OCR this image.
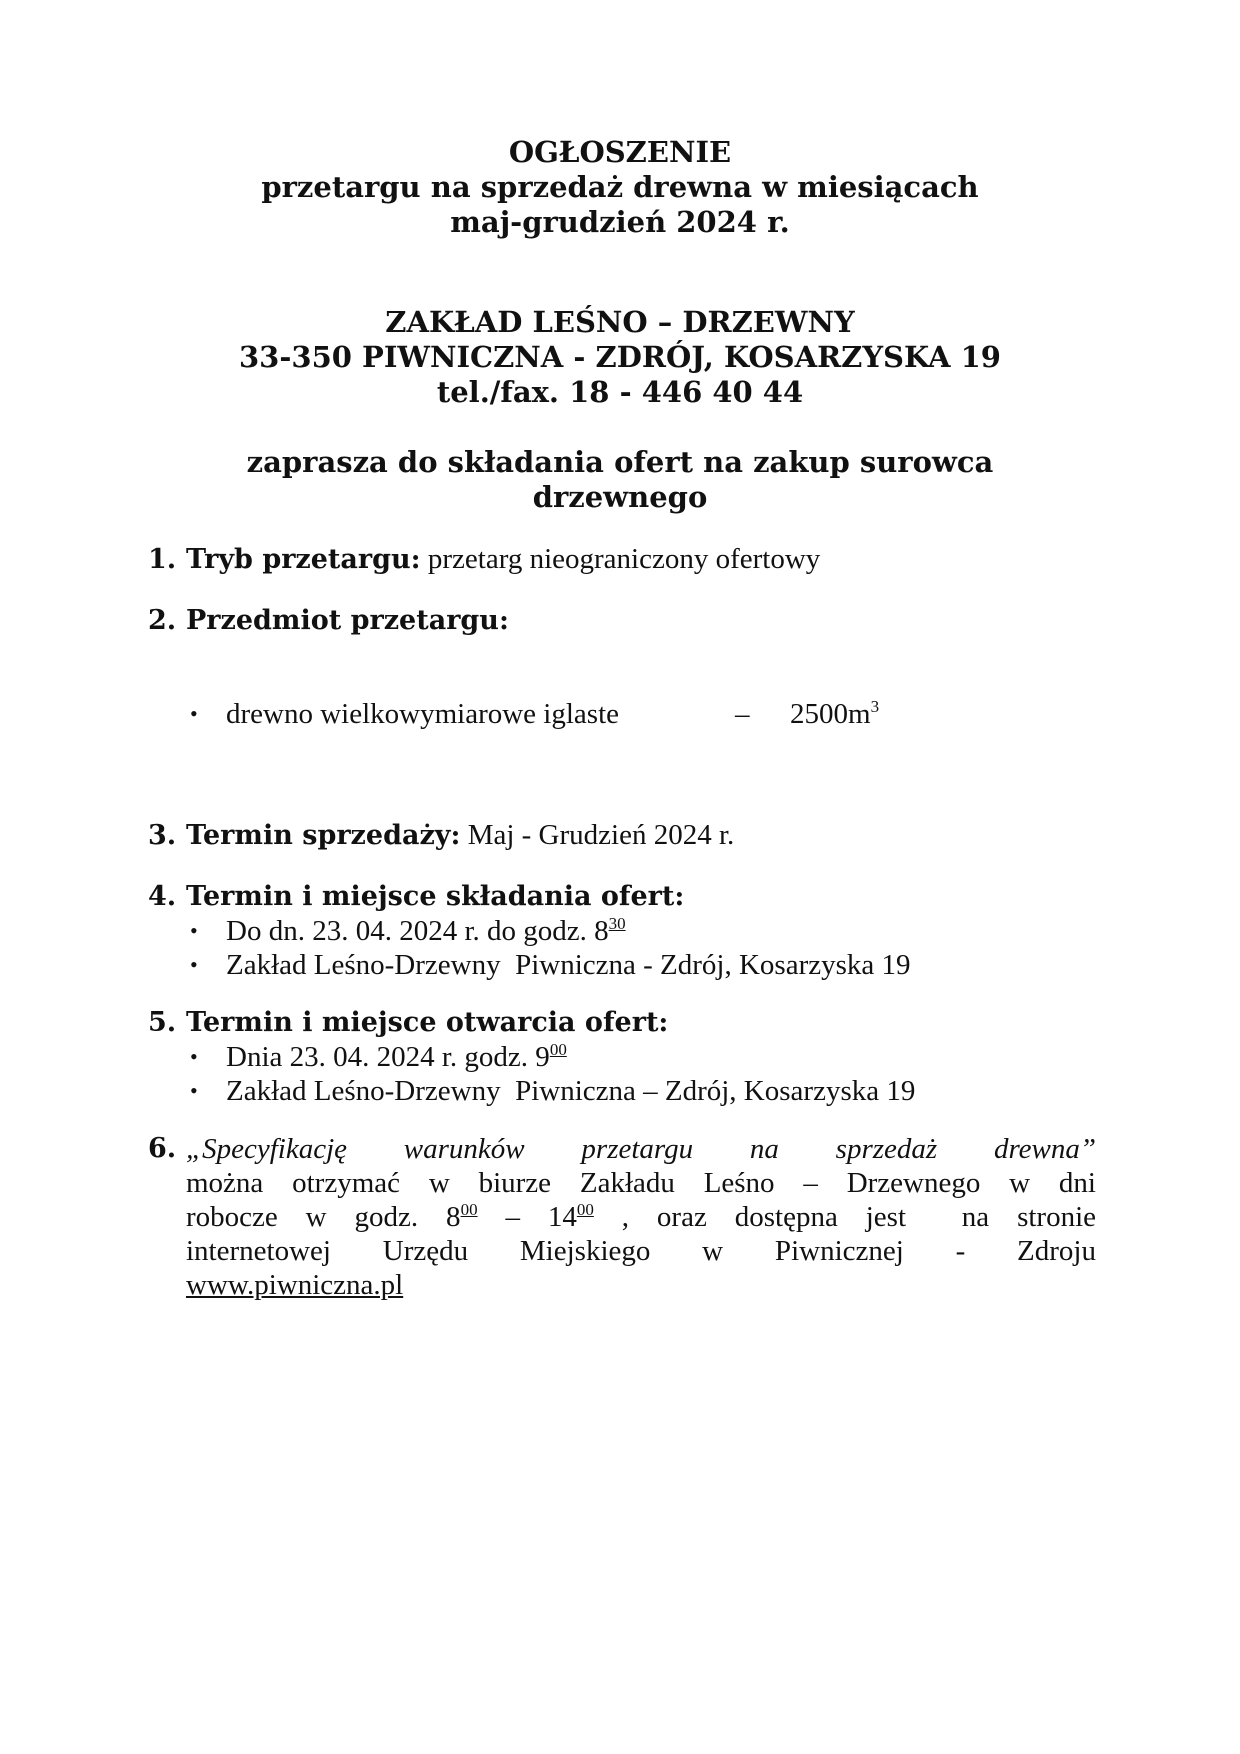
OGŁOSZENIE
przetargu na sprzedaż drewna w miesiącach
maj-grudzień 2024 r.
ZAKŁAD LEŚNO – DRZEWNY
33-350 PIWNICZNA - ZDRÓJ, KOSARZYSKA 19
tel./fax. 18 - 446 40 44
zaprasza do składania ofert na zakup surowca
drzewnego
1. Tryb przetargu: przetarg nieograniczony ofertowy
2. Przedmiot przetargu:
• drewno wielkowymiarowe iglaste	– $2500m^3$
3. Termin sprzedaży: Maj - Grudzień 2024 r.
4. Termin i miejsce składania ofert:
• Do dn. 23. 04. 2024 r. do godz. $8^{30}$
• Zakład Leśno-Drzewny  Piwniczna - Zdrój, Kosarzyska 19
5. Termin i miejsce otwarcia ofert:
• Dnia 23. 04. 2024 r. godz. $9^{00}$
• Zakład Leśno-Drzewny  Piwniczna – Zdrój, Kosarzyska 19
6. „Specyfikację warunków przetargu na sprzedaż drewna”
można otrzymać w biurze Zakładu Leśno – Drzewnego w dni
robocze w godz. $8^{00} - 14^{00}$ , oraz dostępna jest  na stronie
internetowej Urzędu Miejskiego w Piwnicznej - Zdroju
www.piwniczna.pl
